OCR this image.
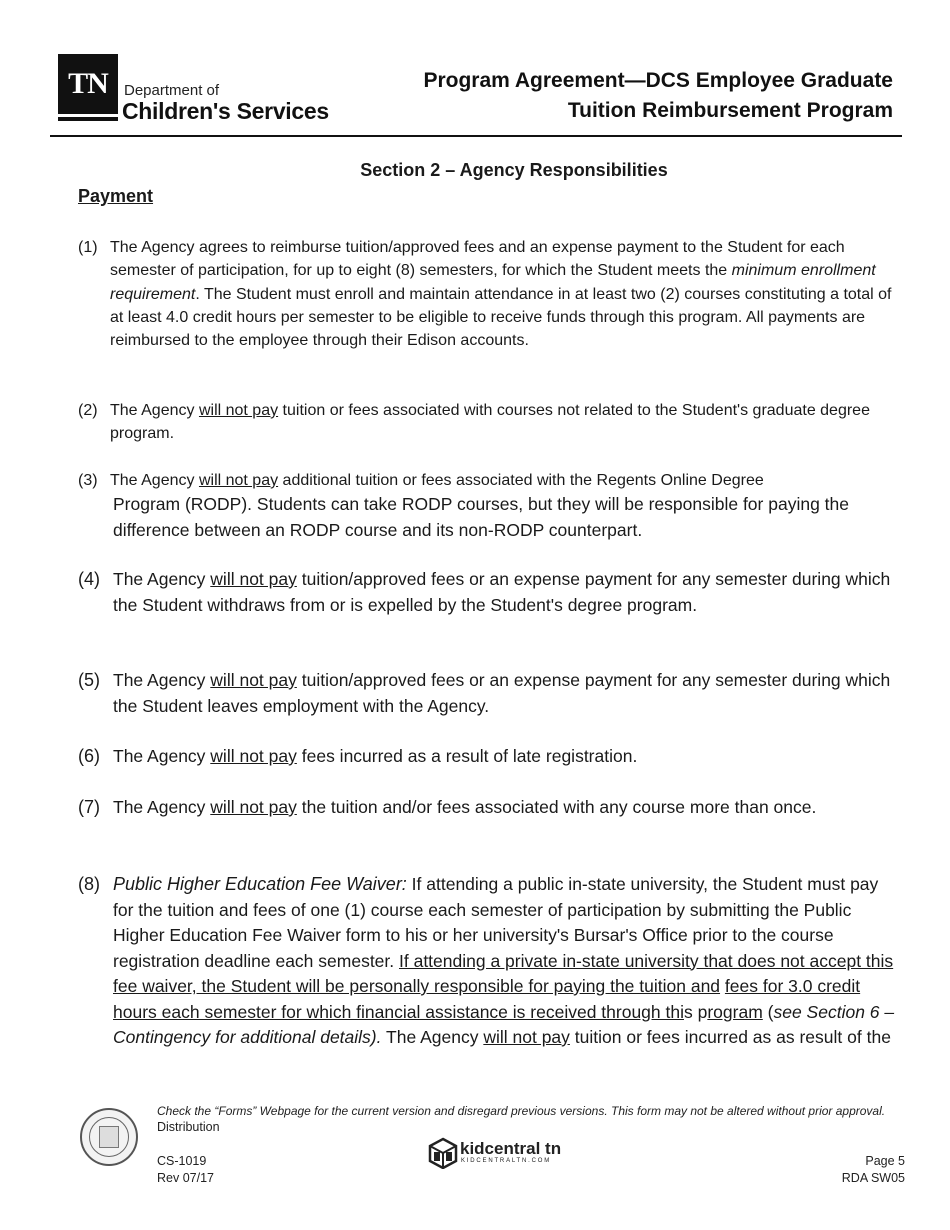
TN Department of
Children's Services
Program Agreement—DCS Employee Graduate
Tuition Reimbursement Program
Section 2 – Agency Responsibilities
Payment
(1) The Agency agrees to reimburse tuition/approved fees and an expense payment to the Student for each semester of participation, for up to eight (8) semesters, for which the Student meets the minimum enrollment requirement. The Student must enroll and maintain attendance in at least two (2) courses constituting a total of at least 4.0 credit hours per semester to be eligible to receive funds through this program. All payments are reimbursed to the employee through their Edison accounts.

(2) The Agency will not pay tuition or fees associated with courses not related to the Student's graduate degree program.

(3) The Agency will not pay additional tuition or fees associated with the Regents Online Degree

Program (RODP). Students can take RODP courses, but they will be responsible for paying the difference between an RODP course and its non-RODP counterpart.

(4) The Agency will not pay tuition/approved fees or an expense payment for any semester during which the Student withdraws from or is expelled by the Student's degree program.

(5) The Agency will not pay tuition/approved fees or an expense payment for any semester during which the Student leaves employment with the Agency.

(6) The Agency will not pay fees incurred as a result of late registration.

(7) The Agency will not pay the tuition and/or fees associated with any course more than once.

(8) Public Higher Education Fee Waiver: If attending a public in-state university, the Student must pay for the tuition and fees of one (1) course each semester of participation by submitting the Public Higher Education Fee Waiver form to his or her university's Bursar's Office prior to the course registration deadline each semester. If attending a private in-state university that does not accept this fee waiver, the Student will be personally responsible for paying the tuition and fees for 3.0 credit hours each semester for which financial assistance is received through this program (see Section 6 – Contingency for additional details). The Agency will not pay tuition or fees incurred as as result of the

Check the “Forms” Webpage for the current version and disregard previous versions. This form may not be altered without prior approval.
Distribution
CS-1019
Rev 07/17
kidcentral tn
KIDCENTRALTN.COM	Page 5
RDA SW05
